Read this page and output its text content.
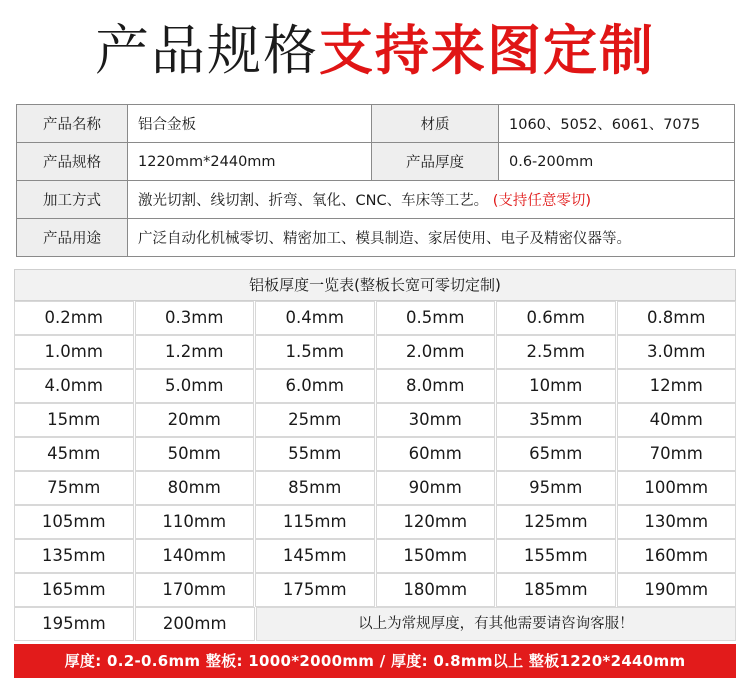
产品规格支持来图定制
产品名称	铝合金板	材质	1060、5052、6061、7075
产品规格	1220mm*2440mm	产品厚度	0.6-200mm
加工方式	激光切割、线切割、折弯、氧化、CNC、车床等工艺。 (支持任意零切)		
产品用途	广泛自动化机械零切、精密加工、模具制造、家居使用、电子及精密仪器等。		
铝板厚度一览表(整板长宽可零切定制)
0.2mm	0.3mm	0.4mm	0.5mm	0.6mm	0.8mm
1.0mm	1.2mm	1.5mm	2.0mm	2.5mm	3.0mm
4.0mm	5.0mm	6.0mm	8.0mm	10mm	12mm
15mm	20mm	25mm	30mm	35mm	40mm
45mm	50mm	55mm	60mm	65mm	70mm
75mm	80mm	85mm	90mm	95mm	100mm
105mm	110mm	115mm	120mm	125mm	130mm
135mm	140mm	145mm	150mm	155mm	160mm
165mm	170mm	175mm	180mm	185mm	190mm
195mm	200mm	以上为常规厚度，有其他需要请咨询客服！
厚度: 0.2-0.6mm 整板: 1000*2000mm / 厚度: 0.8mm以上 整板1220*2440mm
